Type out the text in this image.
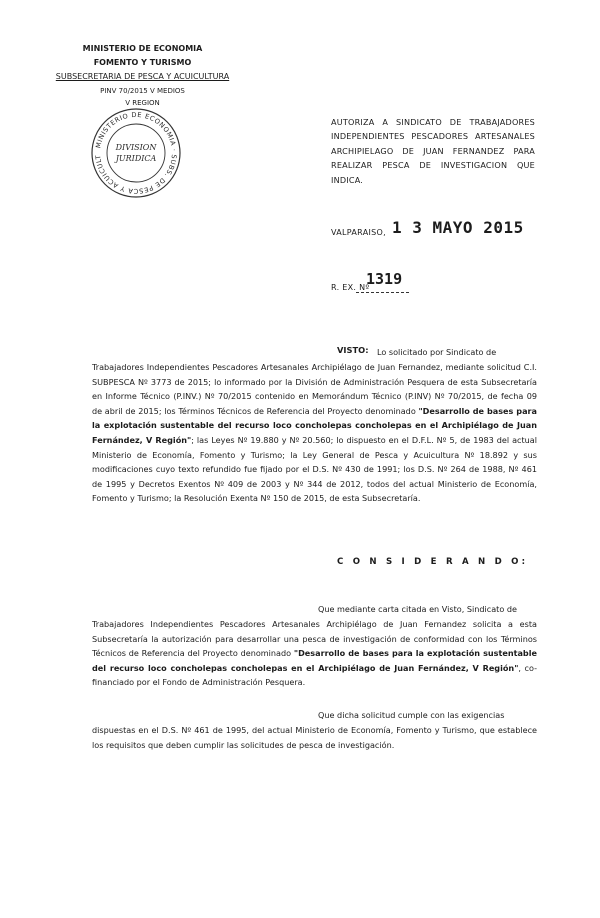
MINISTERIO DE ECONOMIA
FOMENTO Y TURISMO
SUBSECRETARIA DE PESCA Y ACUICULTURA
PINV 70/2015 V MEDIOS
V REGION
MINISTERIO DE ECONOMIA · SUBS. DE PESCA Y ACUICULT
DIVISION
JURIDICA
AUTORIZA A SINDICATO DE TRABAJADORES INDEPENDIENTES PESCADORES ARTESANALES ARCHIPIELAGO DE JUAN FERNANDEZ PARA REALIZAR PESCA DE INVESTIGACION QUE INDICA.
VALPARAISO, 1 3 MAYO 2015
R. EX. Nº
1319
VISTO: Lo solicitado por Sindicato de
Trabajadores Independientes Pescadores Artesanales Archipiélago de Juan Fernandez, mediante solicitud C.I. SUBPESCA Nº 3773 de 2015; lo informado por la División de Administración Pesquera de esta Subsecretaría en Informe Técnico (P.INV.) Nº 70/2015 contenido en Memorándum Técnico (P.INV) Nº 70/2015, de fecha 09 de abril de 2015; los Términos Técnicos de Referencia del Proyecto denominado "Desarrollo de bases para la explotación sustentable del recurso loco concholepas concholepas en el Archipiélago de Juan Fernández, V Región"; las Leyes Nº 19.880 y Nº 20.560; lo dispuesto en el D.F.L. Nº 5, de 1983 del actual Ministerio de Economía, Fomento y Turismo; la Ley General de Pesca y Acuicultura Nº 18.892 y sus modificaciones cuyo texto refundido fue fijado por el D.S. Nº 430 de 1991; los D.S. Nº 264 de 1988, Nº 461 de 1995 y Decretos Exentos Nº 409 de 2003 y Nº 344 de 2012, todos del actual Ministerio de Economía, Fomento y Turismo; la Resolución Exenta Nº 150 de 2015, de esta Subsecretaría.
C O N S I D E R A N D O:
Que mediante carta citada en Visto, Sindicato de
Trabajadores Independientes Pescadores Artesanales Archipiélago de Juan Fernandez solicita a esta Subsecretaría la autorización para desarrollar una pesca de investigación de conformidad con los Términos Técnicos de Referencia del Proyecto denominado "Desarrollo de bases para la explotación sustentable del recurso loco concholepas concholepas en el Archipiélago de Juan Fernández, V Región", co-financiado por el Fondo de Administración Pesquera.
Que dicha solicitud cumple con las exigencias
dispuestas en el D.S. Nº 461 de 1995, del actual Ministerio de Economía, Fomento y Turismo, que establece los requisitos que deben cumplir las solicitudes de pesca de investigación.
